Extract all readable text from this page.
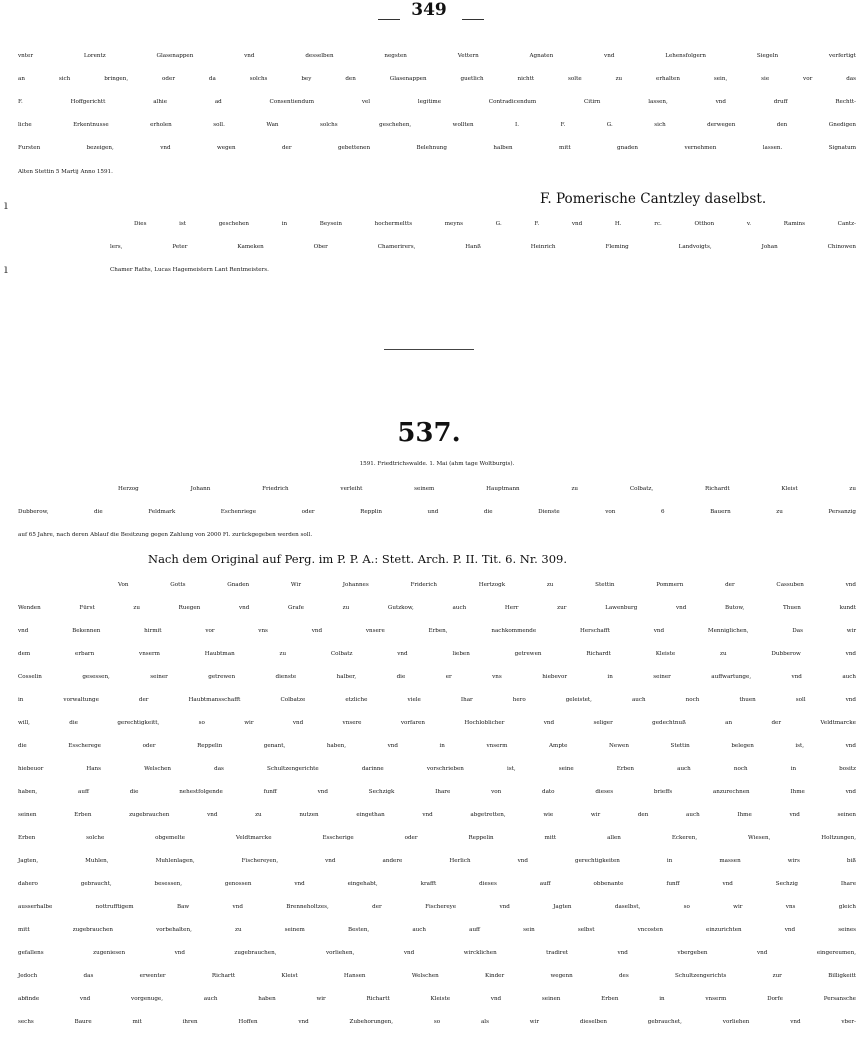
349
vnter Lorentz Glasenappen vnd desselben negsten Vettern Agnaten vnd Lehensfolgern Siegeln verfertigt
an sich bringen, oder da solchs bey den Glasenappen guetlich nichtt solte zu erhalten sein, sie vor das
F. Hoffgerichtt alhie ad Consentiendum vel legitime Contradicendum Citirn lassen, vnd druff Rechtt-
liche Erkentnusse erholen soll. Wan solchs geschehen, wollten I. F. G. sich derwegen den Gnedigen
Fursten bezeigen, vnd wegen der gebettenen Belehnung halben mitt gnaden vernehmen lassen. Signatum
Alten Stettin 5 Martij Anno 1591.
F. Pomerische Cantzley daselbst.
Dies ist geschehen in Beysein hochermeltts meyns G. F. vnd H. rc. Otthon v. Ramins Cantz-
lers, Peter Kameken Ober Chamerirers, Hanß Heinrich Fleming Landvoigts, Johan Chinowen
Chamer Raths, Lucas Hagemeistern Lant Rentmeisters.
ı
ı
537.
1591. Friedtrichswalde. 1. Mai (ahm tage Woltburgis).
Herzog Johann Friedrich verleiht seinem Hauptmann zu Colbatz, Richardt Kleist zu
Dubberow, die Feldmark Eschenriege oder Repplin und die Dienste von 6 Bauern zu Persanzig
auf 65 Jahre, nach deren Ablauf die Besitzung gegen Zahlung von 2000 Fl. zurückgegeben werden soll.
Nach dem Original auf Perg. im P. P. A.: Stett. Arch. P. II. Tit. 6. Nr. 309.
Von Gotts Gnaden Wir Johannes Friderich Hertzogk zu Stettin Pommern der Cassuben vnd
Wenden Fürst zu Ruegen vnd Grafe zu Gutzkow, auch Herr zur Lawenburg vnd Butow, Thuen kundt
vnd Bekennen hirmit vor vns vnd vnsere Erben, nachkommende Herschafft vnd Menniglichen, Das wir
dem erbarn vnserm Haubtman zu Colbatz vnd lieben getrewen Richardt Kleiste zu Dubberow vnd
Cosselin gesessen, seiner getrewen dienste halber, die er vns hiebevor in seiner auffwartunge, vnd auch
in vorwaltunge der Haubtmansschafft Colbatze etzliche viele Ihar hero geleistet, auch noch thuen soll vnd
will, die gerechtigkeitt, so wir vnd vnsere vorfaren Hochloblicher vnd seliger gedechtnuß an der Veldtmarcke
die Esscherege oder Reppelin genant, haben, vnd in vnserm Ampte Newen Stettin belegen ist, vnd
hiebeuor Hans Welschen das Schultzengerichte darinne vorschrieben ist, seine Erben auch noch in bositz
haben, auff die nehestfolgende funff vnd Sechzigk Ihare von dato dieses brieffs anzurechnen Ihme vnd
seinen Erben zugebrauchen vnd zu nutzen eingethan vnd abgetretten, wie wir den auch Ihme vnd seinen
Erben solche obgemelte Veldtmarcke Esscherige oder Reppelin mitt allen Eckeren, Wiesen, Holtzungen,
Jagten, Muhlen, Muhlenlagen, Fischereyen, vnd andere Herlich vnd gerechtigkeiten in massen wirs biß
dahero gebraucht, besessen, genossen vnd eingehabt, krafft dieses auff obbenante funff vnd Sechzig Ihare
ausserhalbe nottrufftigem Baw vnd Brenneholtzes, der Fischereye vnd Jagten daselbst, so wir vns gleich
mitt zugebrauchen vorbehalten, zu seinem Besten, auch auff sein selbst vncosten einzurichten vnd seines
gefallens zugeniesen vnd zugebrauchen, vorliehen, vnd wircklichen tradiret vnd vbergeben vnd eingereumen,
Jedoch das erwenter Richartt Kleist Hansen Welschen Kinder wegenn des Schultzengerichts zur Billigkeitt
abfinde vnd vorgenuge, auch haben wir Richartt Kleiste vnd seinen Erben in vnserm Dorfe Persansche
sechs Baure mit ihren Hoffen vnd Zubehorungen, so als wir dieselben gebrauchet, vorliehen vnd vber-
